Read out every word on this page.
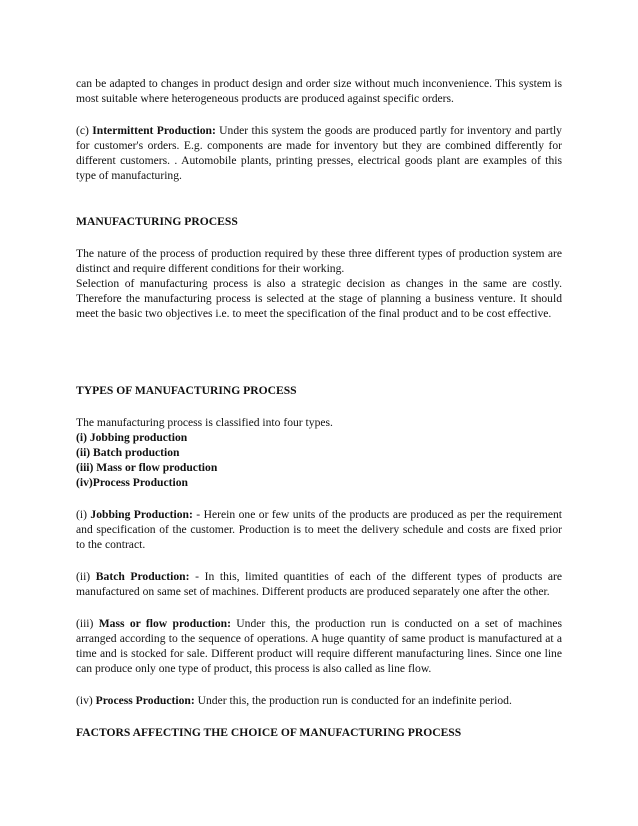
can be adapted to changes in product design and order size without much inconvenience. This system is most suitable where heterogeneous products are produced against specific orders.

(c) Intermittent Production: Under this system the goods are produced partly for inventory and partly for customer's orders. E.g. components are made for inventory but they are combined differently for different customers. . Automobile plants, printing presses, electrical goods plant are examples of this type of manufacturing.

MANUFACTURING PROCESS

The nature of the process of production required by these three different types of production system are distinct and require different conditions for their working.

Selection of manufacturing process is also a strategic decision as changes in the same are costly. Therefore the manufacturing process is selected at the stage of planning a business venture. It should meet the basic two objectives i.e. to meet the specification of the final product and to be cost effective.

TYPES OF MANUFACTURING PROCESS

The manufacturing process is classified into four types.

(i) Jobbing production

(ii) Batch production

(iii) Mass or flow production

(iv)Process Production

(i) Jobbing Production: - Herein one or few units of the products are produced as per the requirement and specification of the customer. Production is to meet the delivery schedule and costs are fixed prior to the contract.

(ii) Batch Production: - In this, limited quantities of each of the different types of products are manufactured on same set of machines. Different products are produced separately one after the other.

(iii) Mass or flow production: Under this, the production run is conducted on a set of machines arranged according to the sequence of operations. A huge quantity of same product is manufactured at a time and is stocked for sale. Different product will require different manufacturing lines. Since one line can produce only one type of product, this process is also called as line flow.

(iv) Process Production: Under this, the production run is conducted for an indefinite period.

FACTORS AFFECTING THE CHOICE OF MANUFACTURING PROCESS
